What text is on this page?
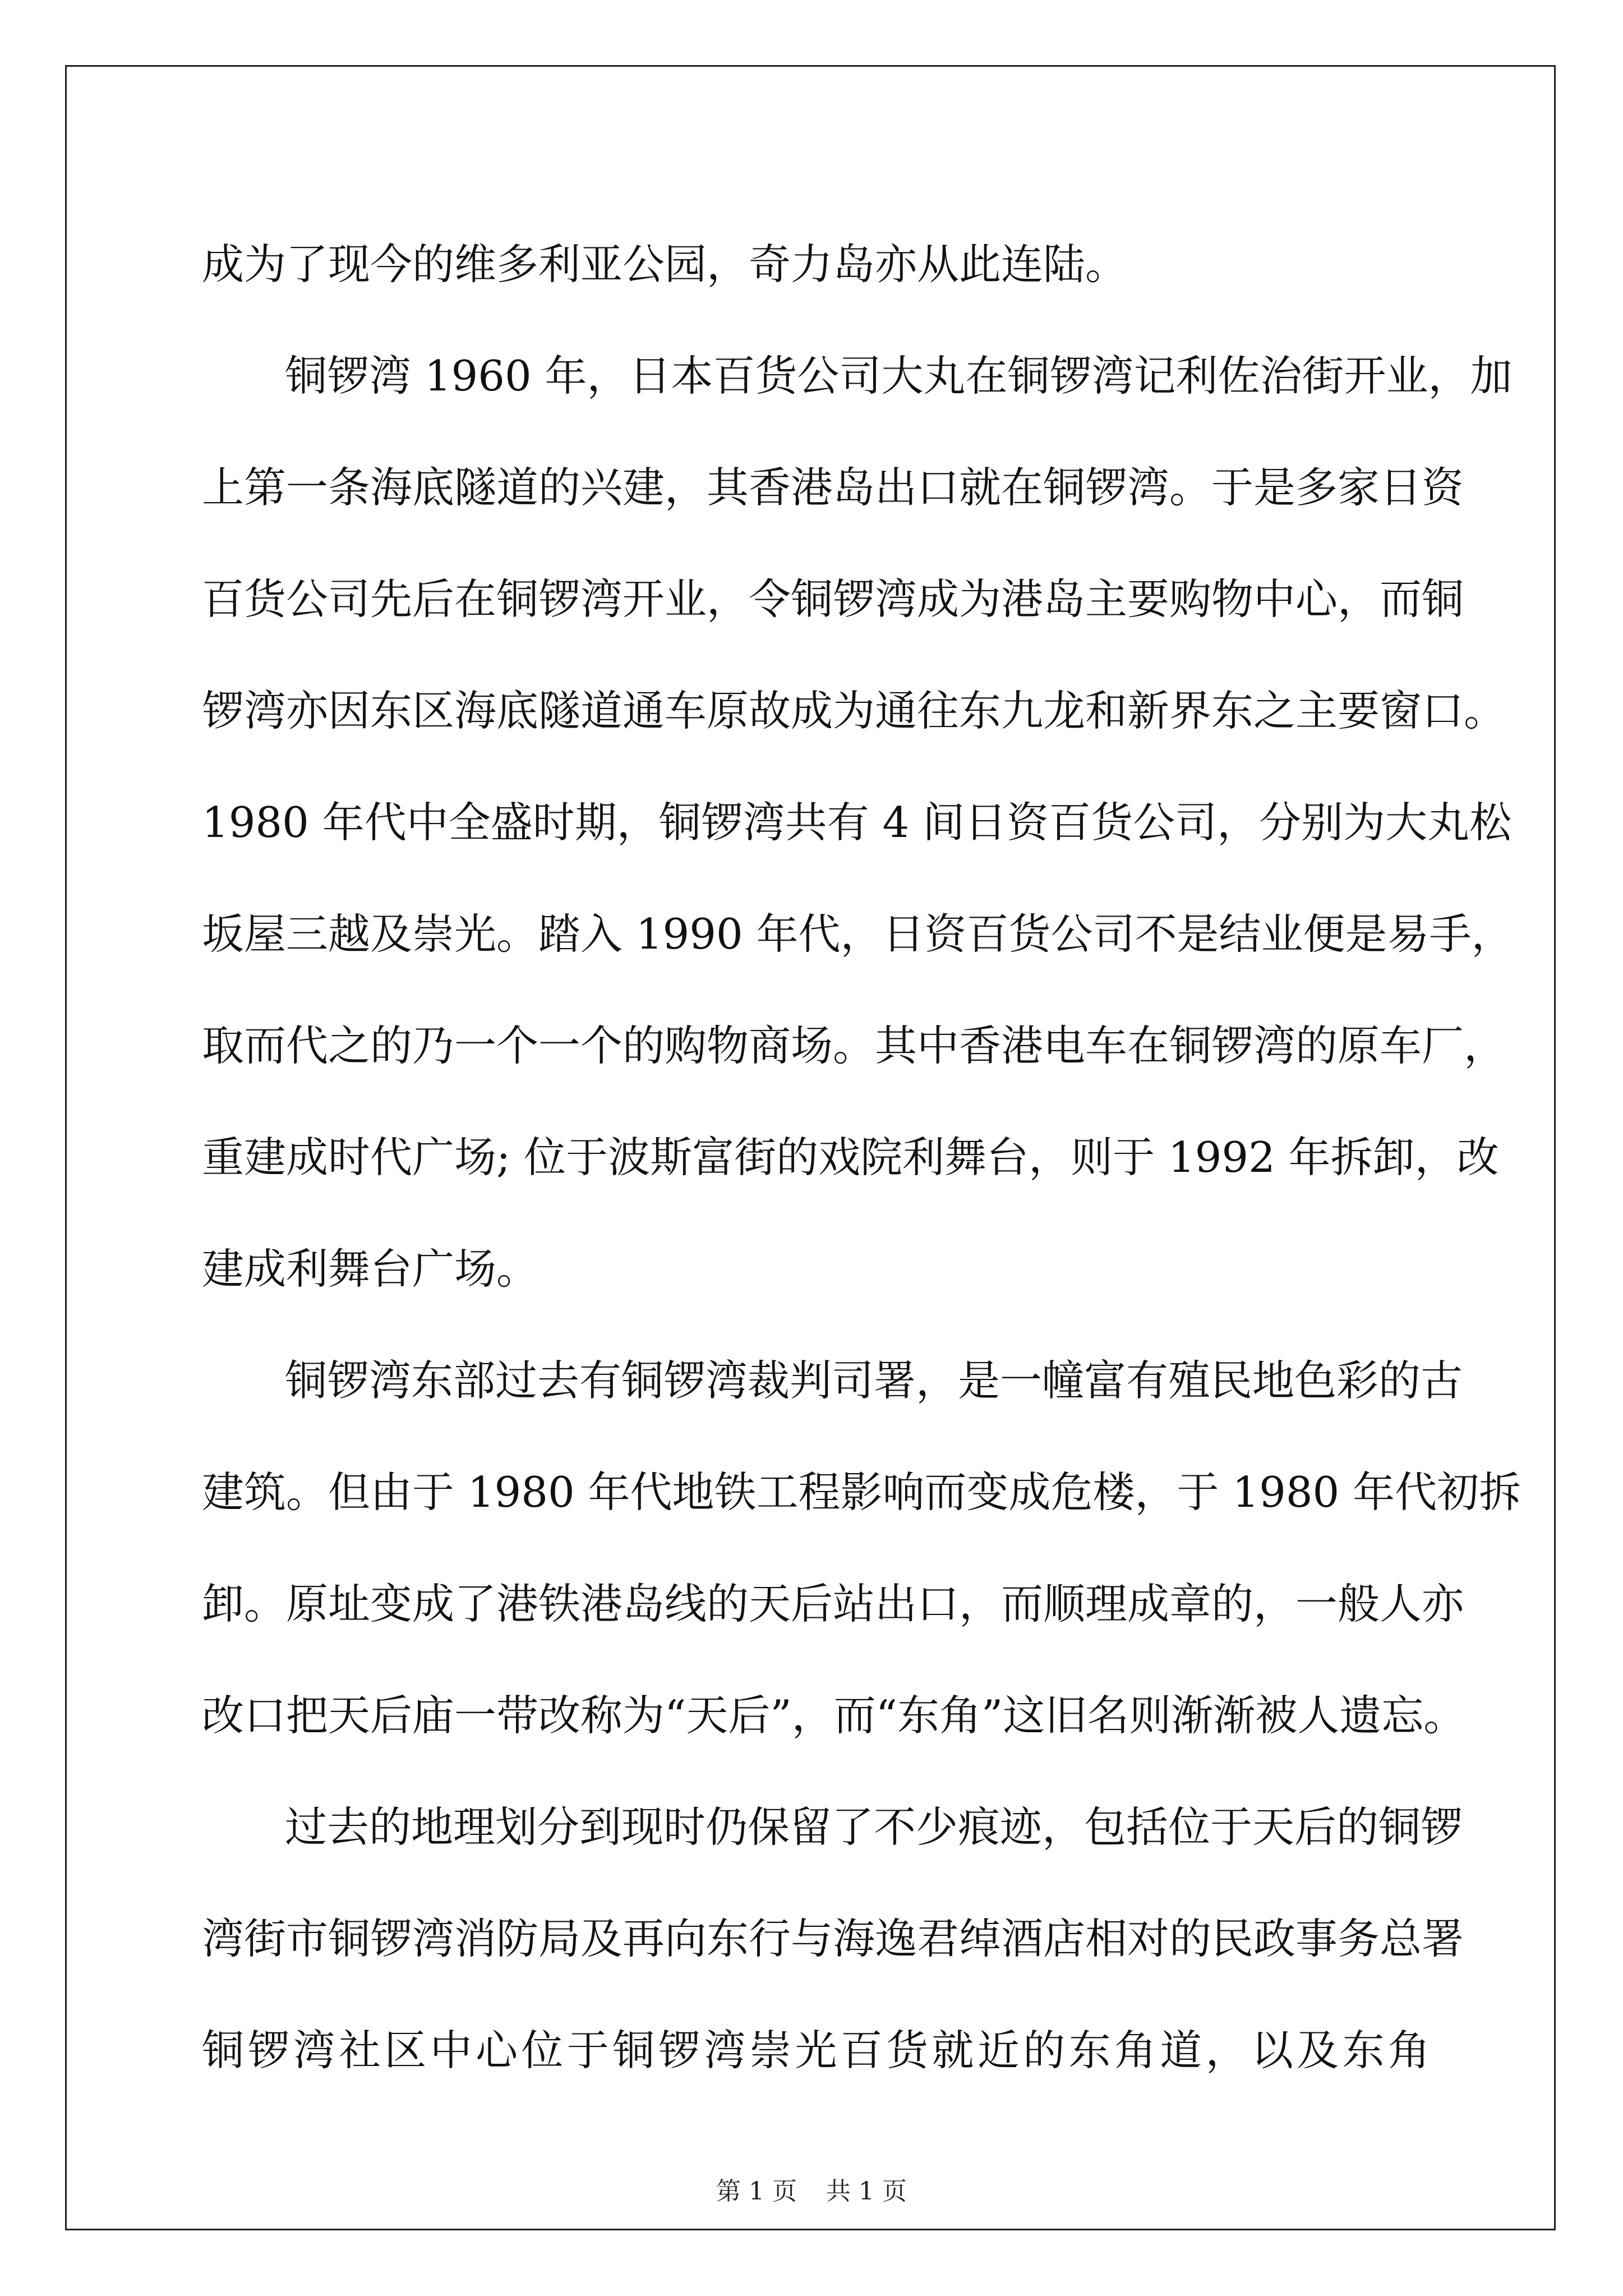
成为了现今的维多利亚公园，奇力岛亦从此连陆。
铜锣湾 1960 年，日本百货公司大丸在铜锣湾记利佐治街开业，加
上第一条海底隧道的兴建，其香港岛出口就在铜锣湾。于是多家日资
百货公司先后在铜锣湾开业，令铜锣湾成为港岛主要购物中心，而铜
锣湾亦因东区海底隧道通车原故成为通往东九龙和新界东之主要窗口。
1980 年代中全盛时期，铜锣湾共有 4 间日资百货公司，分别为大丸松
坂屋三越及崇光。踏入 1990 年代，日资百货公司不是结业便是易手，
取而代之的乃一个一个的购物商场。其中香港电车在铜锣湾的原车厂，
重建成时代广场; 位于波斯富街的戏院利舞台，则于 1992 年拆卸，改
建成利舞台广场。
铜锣湾东部过去有铜锣湾裁判司署，是一幢富有殖民地色彩的古
建筑。但由于 1980 年代地铁工程影响而变成危楼，于 1980 年代初拆
卸。原址变成了港铁港岛线的天后站出口，而顺理成章的，一般人亦
改口把天后庙一带改称为“天后”，而“东角”这旧名则渐渐被人遗忘。
过去的地理划分到现时仍保留了不少痕迹，包括位于天后的铜锣
湾街市铜锣湾消防局及再向东行与海逸君绰酒店相对的民政事务总署
铜锣湾社区中心位于铜锣湾崇光百货就近的东角道，以及东角
第 1 页 共 1 页
